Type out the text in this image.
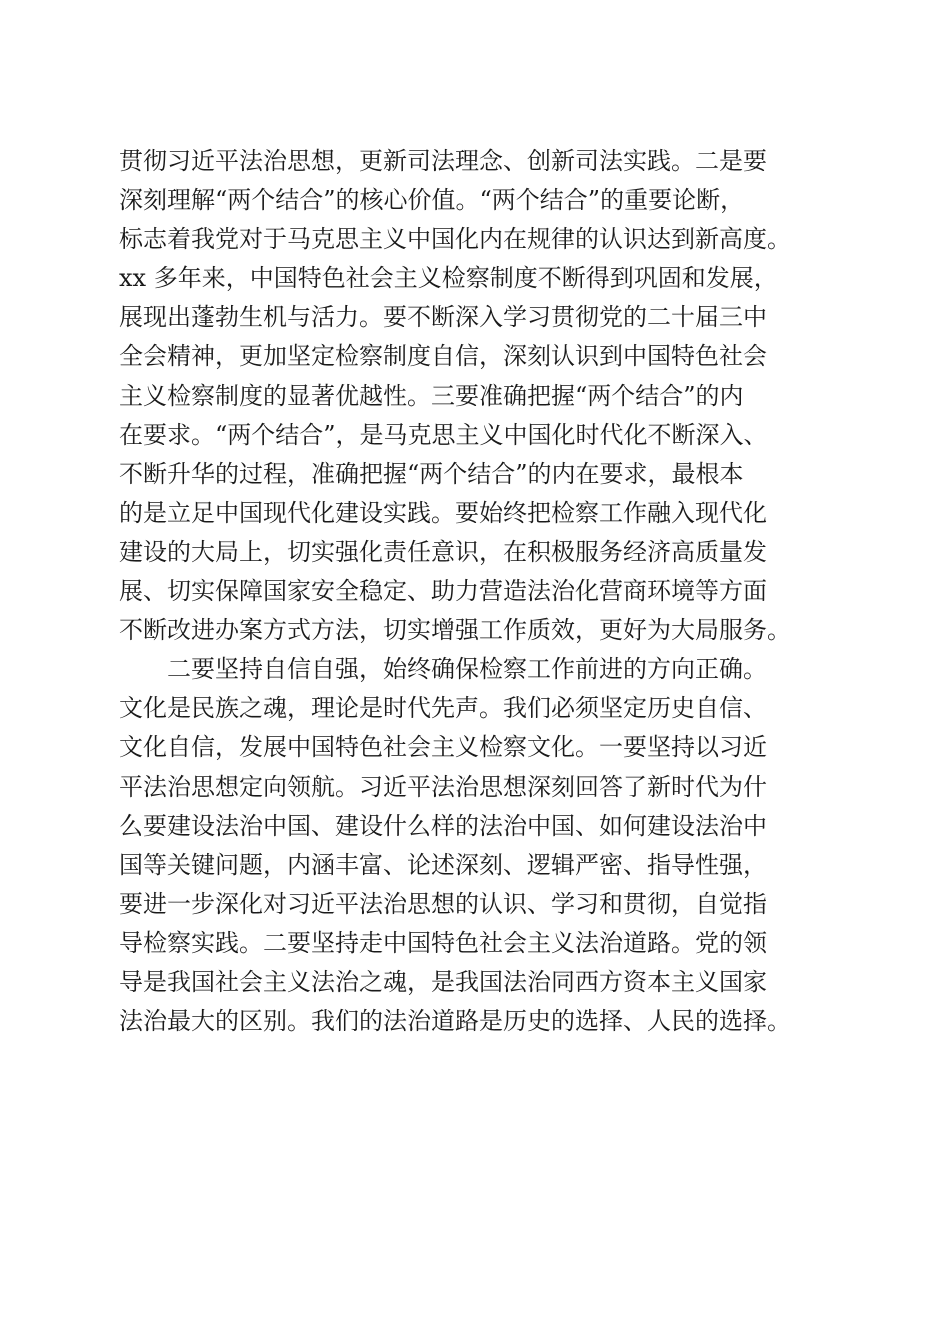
贯彻习近平法治思想，更新司法理念、创新司法实践。二是要
深刻理解“两个结合”的核心价值。“两个结合”的重要论断，
标志着我党对于马克思主义中国化内在规律的认识达到新高度。
xx 多年来，中国特色社会主义检察制度不断得到巩固和发展，
展现出蓬勃生机与活力。要不断深入学习贯彻党的二十届三中
全会精神，更加坚定检察制度自信，深刻认识到中国特色社会
主义检察制度的显著优越性。三要准确把握“两个结合”的内
在要求。“两个结合”，是马克思主义中国化时代化不断深入、
不断升华的过程，准确把握“两个结合”的内在要求，最根本
的是立足中国现代化建设实践。要始终把检察工作融入现代化
建设的大局上，切实强化责任意识，在积极服务经济高质量发
展、切实保障国家安全稳定、助力营造法治化营商环境等方面
不断改进办案方式方法，切实增强工作质效，更好为大局服务。
二要坚持自信自强，始终确保检察工作前进的方向正确。
文化是民族之魂，理论是时代先声。我们必须坚定历史自信、
文化自信，发展中国特色社会主义检察文化。一要坚持以习近
平法治思想定向领航。习近平法治思想深刻回答了新时代为什
么要建设法治中国、建设什么样的法治中国、如何建设法治中
国等关键问题，内涵丰富、论述深刻、逻辑严密、指导性强，
要进一步深化对习近平法治思想的认识、学习和贯彻，自觉指
导检察实践。二要坚持走中国特色社会主义法治道路。党的领
导是我国社会主义法治之魂，是我国法治同西方资本主义国家
法治最大的区别。我们的法治道路是历史的选择、人民的选择。
